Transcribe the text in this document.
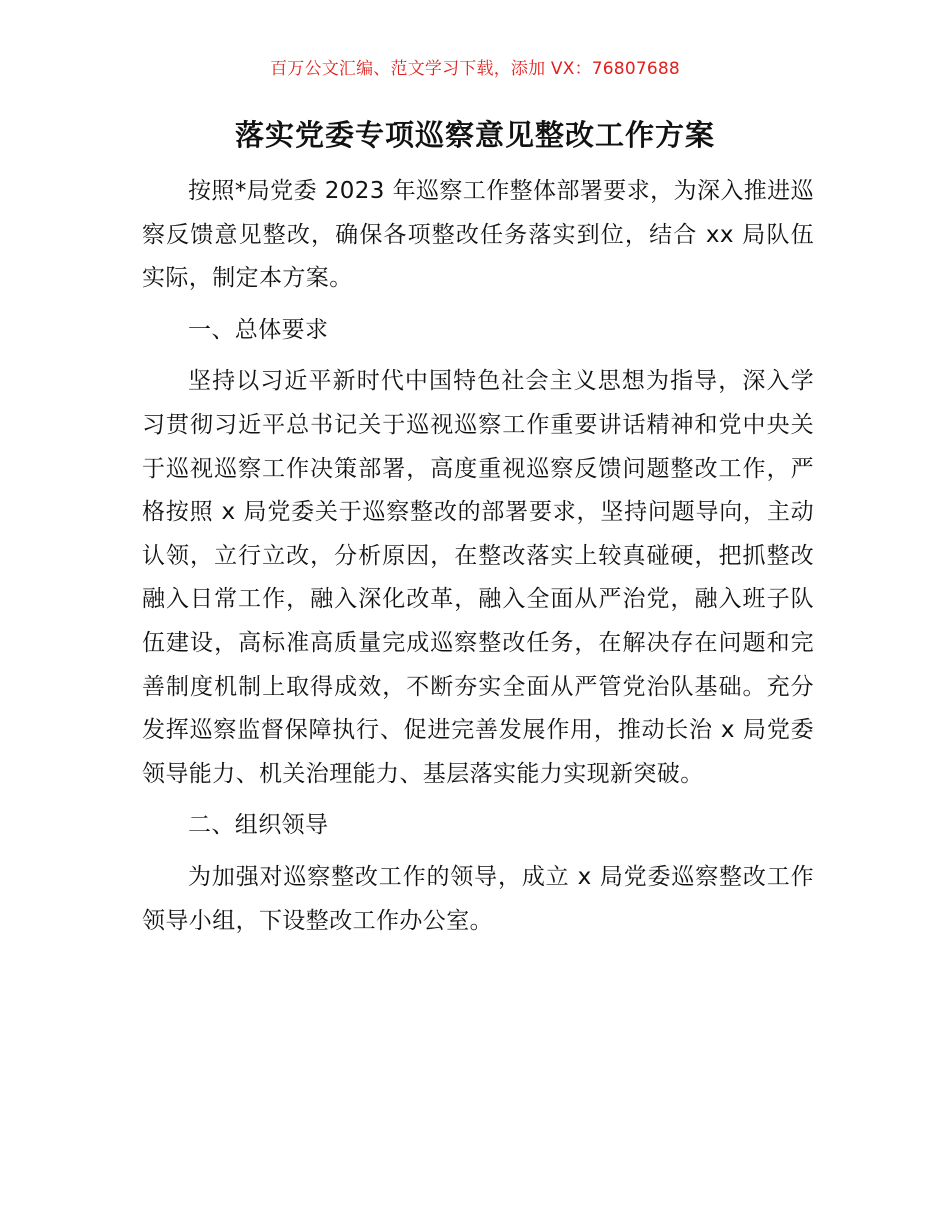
百万公文汇编、范文学习下载，添加 VX：76807688
落实党委专项巡察意见整改工作方案

按照*局党委 2023 年巡察工作整体部署要求，为深入推进巡察反馈意见整改，确保各项整改任务落实到位，结合 xx 局队伍实际，制定本方案。

一、总体要求

坚持以习近平新时代中国特色社会主义思想为指导，深入学习贯彻习近平总书记关于巡视巡察工作重要讲话精神和党中央关于巡视巡察工作决策部署，高度重视巡察反馈问题整改工作，严格按照 x 局党委关于巡察整改的部署要求，坚持问题导向，主动认领，立行立改，分析原因，在整改落实上较真碰硬，把抓整改融入日常工作，融入深化改革，融入全面从严治党，融入班子队伍建设，高标准高质量完成巡察整改任务，在解决存在问题和完善制度机制上取得成效，不断夯实全面从严管党治队基础。充分发挥巡察监督保障执行、促进完善发展作用，推动长治 x 局党委领导能力、机关治理能力、基层落实能力实现新突破。

二、组织领导

为加强对巡察整改工作的领导，成立 x 局党委巡察整改工作领导小组，下设整改工作办公室。
